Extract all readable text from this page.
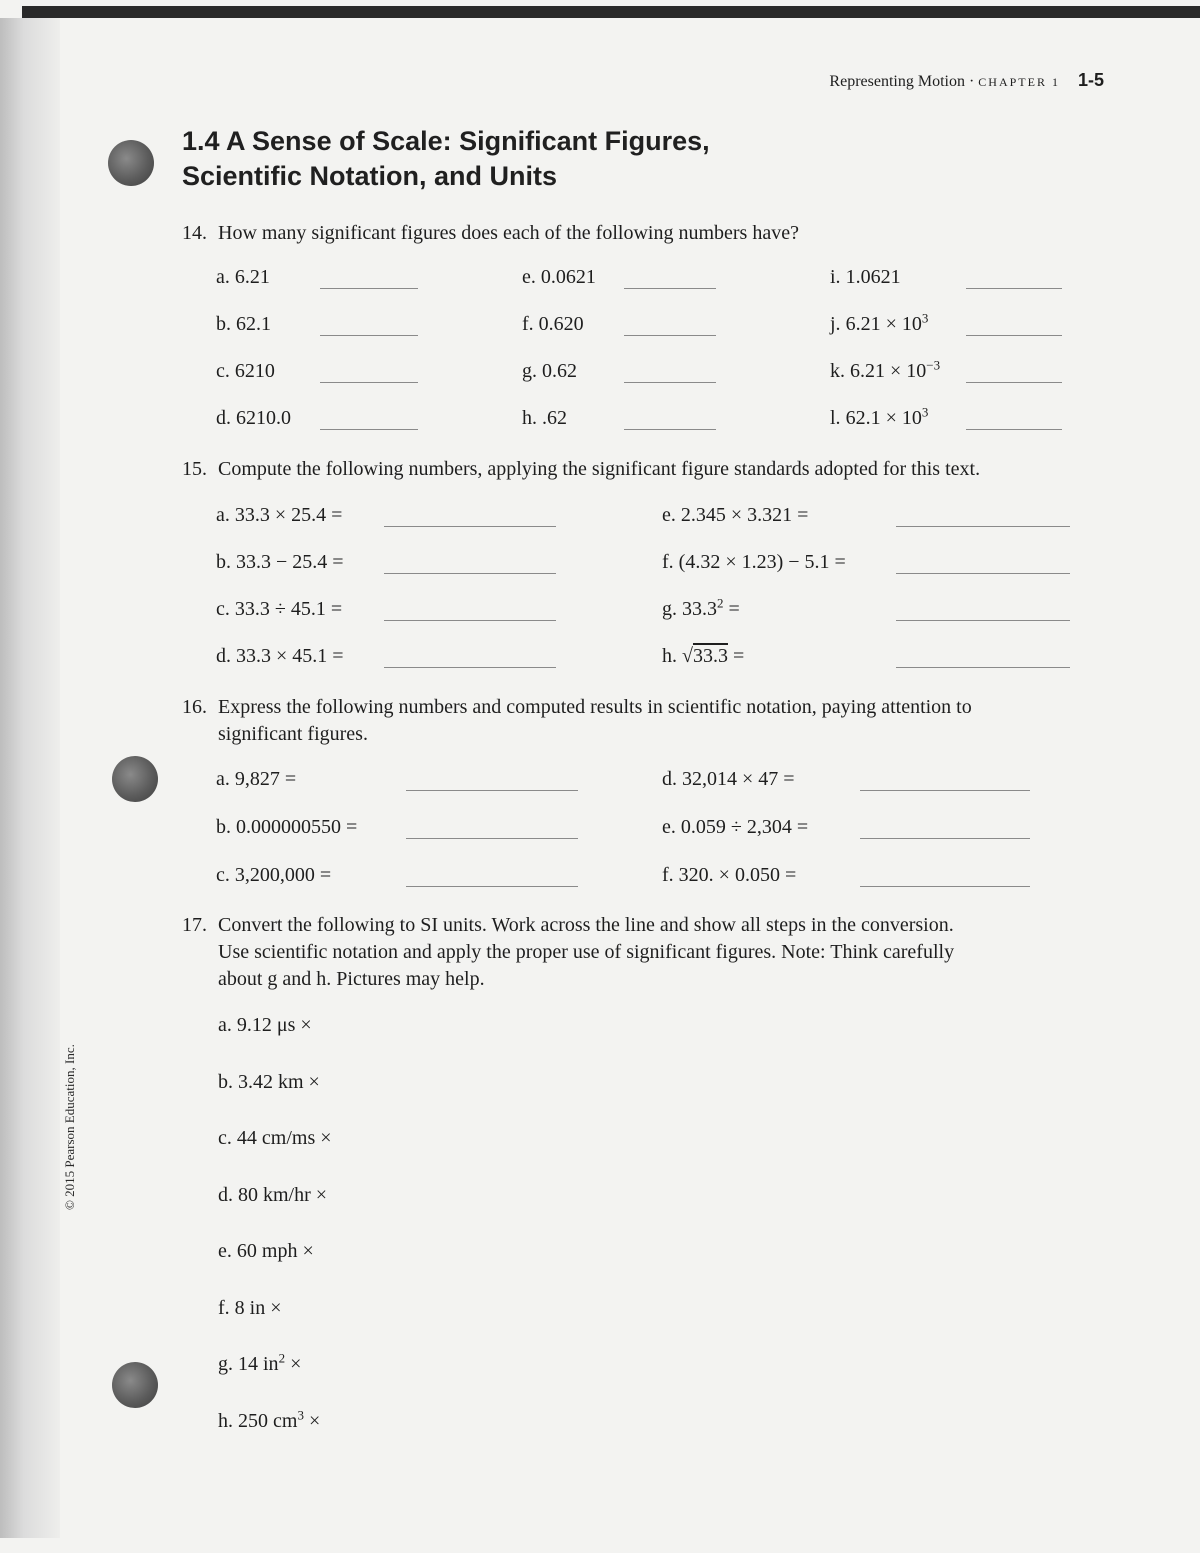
© 2015 Pearson Education, Inc.
Representing Motion · CHAPTER 1 1-5
1.4 A Sense of Scale: Significant Figures,
Scientific Notation, and Units
14. How many significant figures does each of the following numbers have?
a. 6.21
b. 62.1
c. 6210
d. 6210.0
e. 0.0621
f. 0.620
g. 0.62
h. .62
i. 1.0621
j. $6.21 \times 10^3$
k. $6.21 \times 10^{-3}$
l. $62.1 \times 10^3$
15. Compute the following numbers, applying the significant figure standards adopted for this text.
a. 33.3 × 25.4 =
b. 33.3 − 25.4 =
c. 33.3 ÷ 45.1 =
d. 33.3 × 45.1 =
e. 2.345 × 3.321 =
f. (4.32 × 1.23) − 5.1 =
g. $33.3^2$ =
h. √33.3 =
16. Express the following numbers and computed results in scientific notation, paying attention to
significant figures.
a. 9,827 =
b. 0.000000550 =
c. 3,200,000 =
d. 32,014 × 47 =
e. 0.059 ÷ 2,304 =
f. 320. × 0.050 =
17. Convert the following to SI units. Work across the line and show all steps in the conversion.
Use scientific notation and apply the proper use of significant figures. Note: Think carefully
about g and h. Pictures may help.
a. 9.12 μs ×
b. 3.42 km ×
c. 44 cm/ms ×
d. 80 km/hr ×
e. 60 mph ×
f. 8 in ×
g. 14 $in^2$ ×
h. 250 $cm^3$ ×
